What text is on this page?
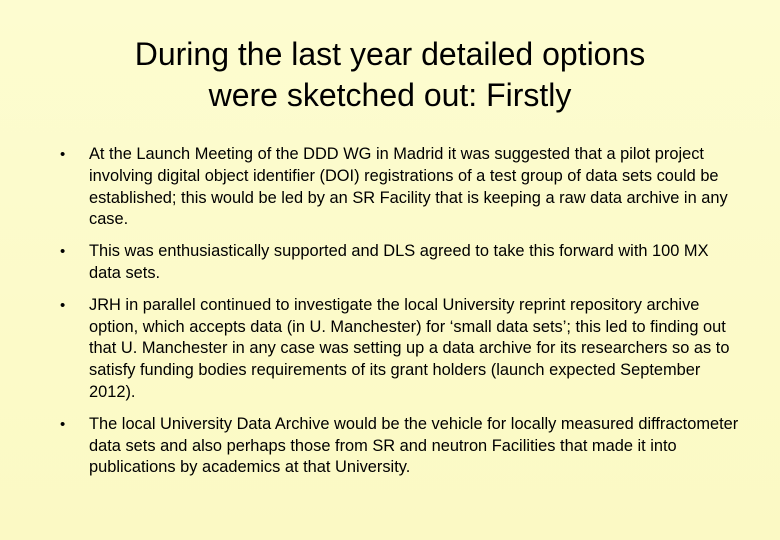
During the last year detailed options
were sketched out: Firstly
• At the Launch Meeting of the DDD WG in Madrid it was suggested that a pilot project involving digital object identifier (DOI) registrations of a test group of data sets could be established; this would be led by an SR Facility that is keeping a raw data archive in any case.
• This was enthusiastically supported and DLS agreed to take this forward with 100 MX data sets.
• JRH in parallel continued to investigate the local University reprint repository archive option, which accepts data (in U. Manchester) for ‘small data sets’; this led to finding out that U. Manchester in any case was setting up a data archive for its researchers so as to satisfy funding bodies requirements of its grant holders (launch expected September 2012).
• The local University Data Archive would be the vehicle for locally measured diffractometer data sets and also perhaps those from SR and neutron Facilities that made it into publications by academics at that University.
